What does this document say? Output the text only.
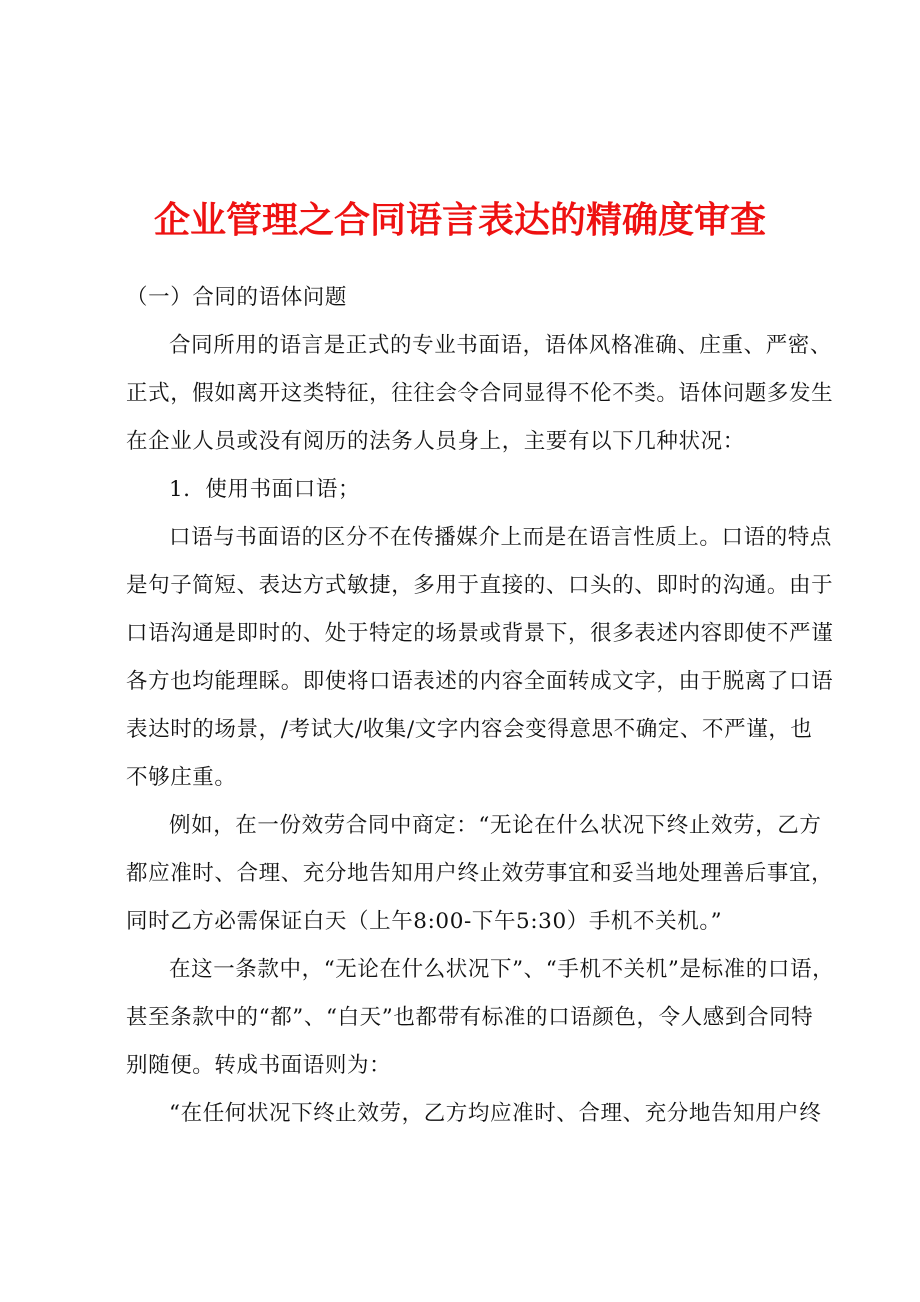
企业管理之合同语言表达的精确度审查
（一）合同的语体问题
合同所用的语言是正式的专业书面语，语体风格准确、庄重、严密、
正式，假如离开这类特征，往往会令合同显得不伦不类。语体问题多发生
在企业人员或没有阅历的法务人员身上，主要有以下几种状况：
1．使用书面口语；
口语与书面语的区分不在传播媒介上而是在语言性质上。口语的特点
是句子简短、表达方式敏捷，多用于直接的、口头的、即时的沟通。由于
口语沟通是即时的、处于特定的场景或背景下，很多表述内容即使不严谨
各方也均能理睬。即使将口语表述的内容全面转成文字，由于脱离了口语
表达时的场景，/考试大/收集/文字内容会变得意思不确定、不严谨，也
不够庄重。
例如，在一份效劳合同中商定：“无论在什么状况下终止效劳，乙方
都应准时、合理、充分地告知用户终止效劳事宜和妥当地处理善后事宜，
同时乙方必需保证白天（上午8:00-下午5:30）手机不关机。”
在这一条款中，“无论在什么状况下”、“手机不关机”是标准的口语，
甚至条款中的“都”、“白天”也都带有标准的口语颜色，令人感到合同特
别随便。转成书面语则为：
“在任何状况下终止效劳，乙方均应准时、合理、充分地告知用户终
